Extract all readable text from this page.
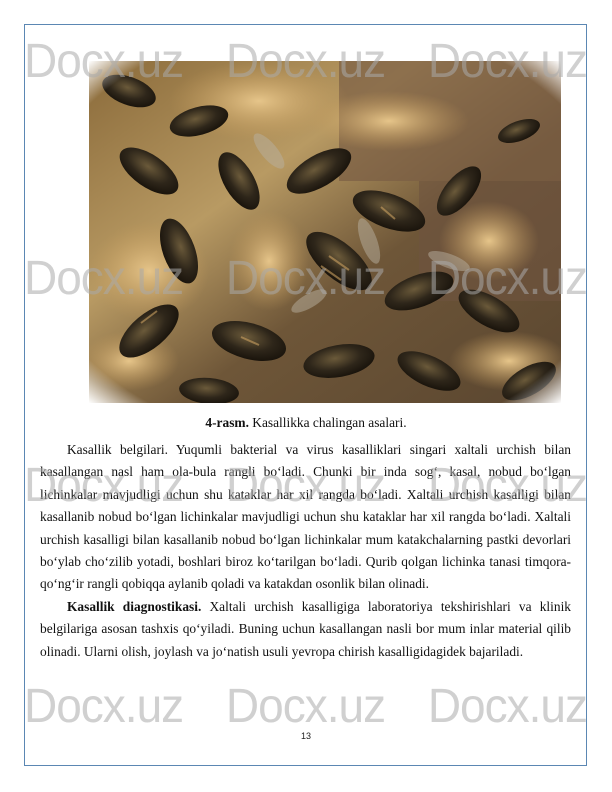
4-rasm. Kasallikka chalingan asalari.

Kasallik belgilari. Yuqumli bakterial va virus kasalliklari singari xaltali urchish bilan kasallangan nasl ham ola-bula rangli bo‘ladi. Chunki bir inda sog‘, kasal, nobud bo‘lgan lichinkalar mavjudligi uchun shu kataklar har xil rangda bo‘ladi. Xaltali urchish kasalligi bilan kasallanib nobud bo‘lgan lichinkalar mavjudligi uchun shu kataklar har xil rangda bo‘ladi. Xaltali urchish kasalligi bilan kasallanib nobud bo‘lgan lichinkalar mum katakchalarning pastki devorlari bo‘ylab cho‘zilib yotadi, boshlari biroz ko‘tarilgan bo‘ladi. Qurib qolgan lichinka tanasi timqora-qo‘ng‘ir rangli qobiqqa aylanib qoladi va katakdan osonlik bilan olinadi.

Kasallik diagnostikasi. Xaltali urchish kasalligiga laboratoriya tekshirishlari va klinik belgilariga asosan tashxis qo‘yiladi. Buning uchun kasallangan nasli bor mum inlar material qilib olinadi. Ularni olish, joylash va jo‘natish usuli yevropa chirish kasalligidagidek bajariladi.

13
Docx.uz Docx.uz Docx.uz
Docx.uz Docx.uz Docx.uz
Docx.uz Docx.uz Docx.uz
Docx.uz Docx.uz Docx.uz
